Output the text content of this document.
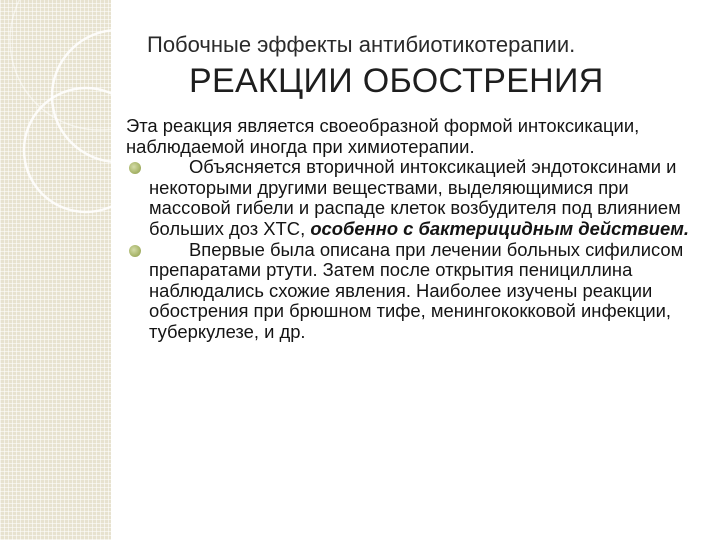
Побочные эффекты антибиотикотерапии.
РЕАКЦИИ ОБОСТРЕНИЯ

Эта реакция является своеобразной формой интоксикации, наблюдаемой иногда при химиотерапии.

Объясняется вторичной интоксикацией эндотоксинами и некоторыми другими веществами, выделяющимися при массовой гибели и распаде клеток возбудителя под влиянием больших доз ХТС, особенно с бактерицидным действием.

Впервые была описана при лечении больных сифилисом препаратами ртути. Затем после открытия пенициллина наблюдались схожие явления. Наиболее изучены реакции обострения при брюшном тифе, менингококковой инфекции, туберкулезе, и др.
